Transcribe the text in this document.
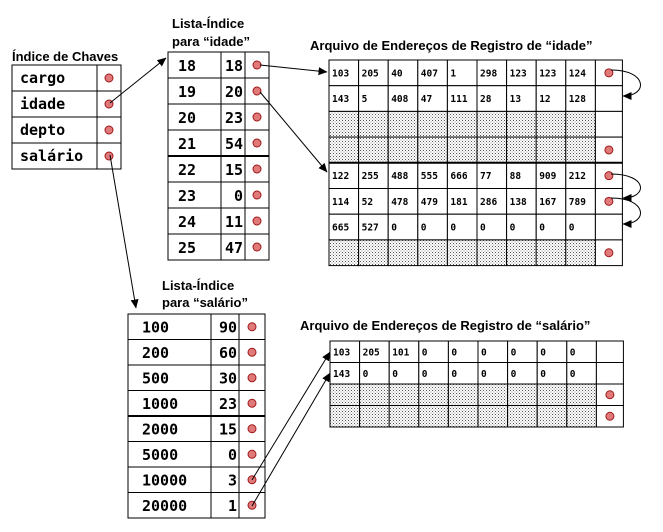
Índice de Chaves
Lista-Índice
para “idade”	Arquivo de Endereços de Registro de “idade”
Lista-Índice
para “salário”
Arquivo de Endereços de Registro de “salário”
cargo
idade
depto
salário
18 18
19 20
20 23
21 54
22 15
23	0
24 11
25 47
100	90
200	60
500	30
1000	23
2000	15
5000	0
10000	3
20000	1
103 205 40 407 1	298 123 123 124
143 5	408 47 111 28 13 12 128
122 255 488 555 666 77 88 909 212
114 52 478 479 181 286 138 167 789
665 527 0	0	0	0	0	0	0
103 205 101 0	0	0	0	0	0
143 0	0	0	0	0	0	0	0
